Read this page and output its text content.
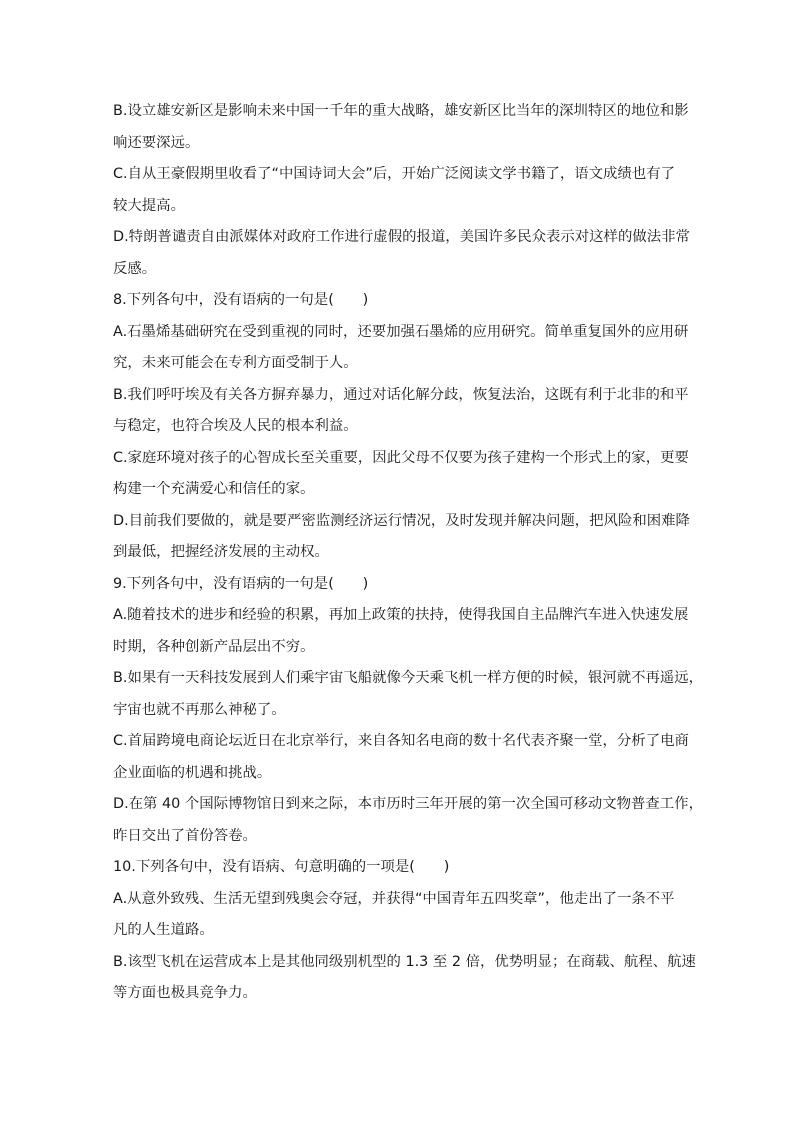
B.设立雄安新区是影响未来中国一千年的重大战略，雄安新区比当年的深圳特区的地位和影
响还要深远。
C.自从王豪假期里收看了“中国诗词大会”后，开始广泛阅读文学书籍了，语文成绩也有了
较大提高。
D.特朗普谴责自由派媒体对政府工作进行虚假的报道，美国许多民众表示对这样的做法非常
反感。
8.下列各句中，没有语病的一句是(　　)
A.石墨烯基础研究在受到重视的同时，还要加强石墨烯的应用研究。简单重复国外的应用研
究，未来可能会在专利方面受制于人。
B.我们呼吁埃及有关各方摒弃暴力，通过对话化解分歧，恢复法治，这既有利于北非的和平
与稳定，也符合埃及人民的根本利益。
C.家庭环境对孩子的心智成长至关重要，因此父母不仅要为孩子建构一个形式上的家，更要
构建一个充满爱心和信任的家。
D.目前我们要做的，就是要严密监测经济运行情况，及时发现并解决问题，把风险和困难降
到最低，把握经济发展的主动权。
9.下列各句中，没有语病的一句是(　　)
A.随着技术的进步和经验的积累，再加上政策的扶持，使得我国自主品牌汽车进入快速发展
时期，各种创新产品层出不穷。
B.如果有一天科技发展到人们乘宇宙飞船就像今天乘飞机一样方便的时候，银河就不再遥远，
宇宙也就不再那么神秘了。
C.首届跨境电商论坛近日在北京举行，来自各知名电商的数十名代表齐聚一堂，分析了电商
企业面临的机遇和挑战。
D.在第 40 个国际博物馆日到来之际，本市历时三年开展的第一次全国可移动文物普查工作，
昨日交出了首份答卷。
10.下列各句中，没有语病、句意明确的一项是(　　)
A.从意外致残、生活无望到残奥会夺冠，并获得“中国青年五四奖章”，他走出了一条不平
凡的人生道路。
B.该型飞机在运营成本上是其他同级别机型的 1.3 至 2 倍，优势明显；在商载、航程、航速
等方面也极具竞争力。
